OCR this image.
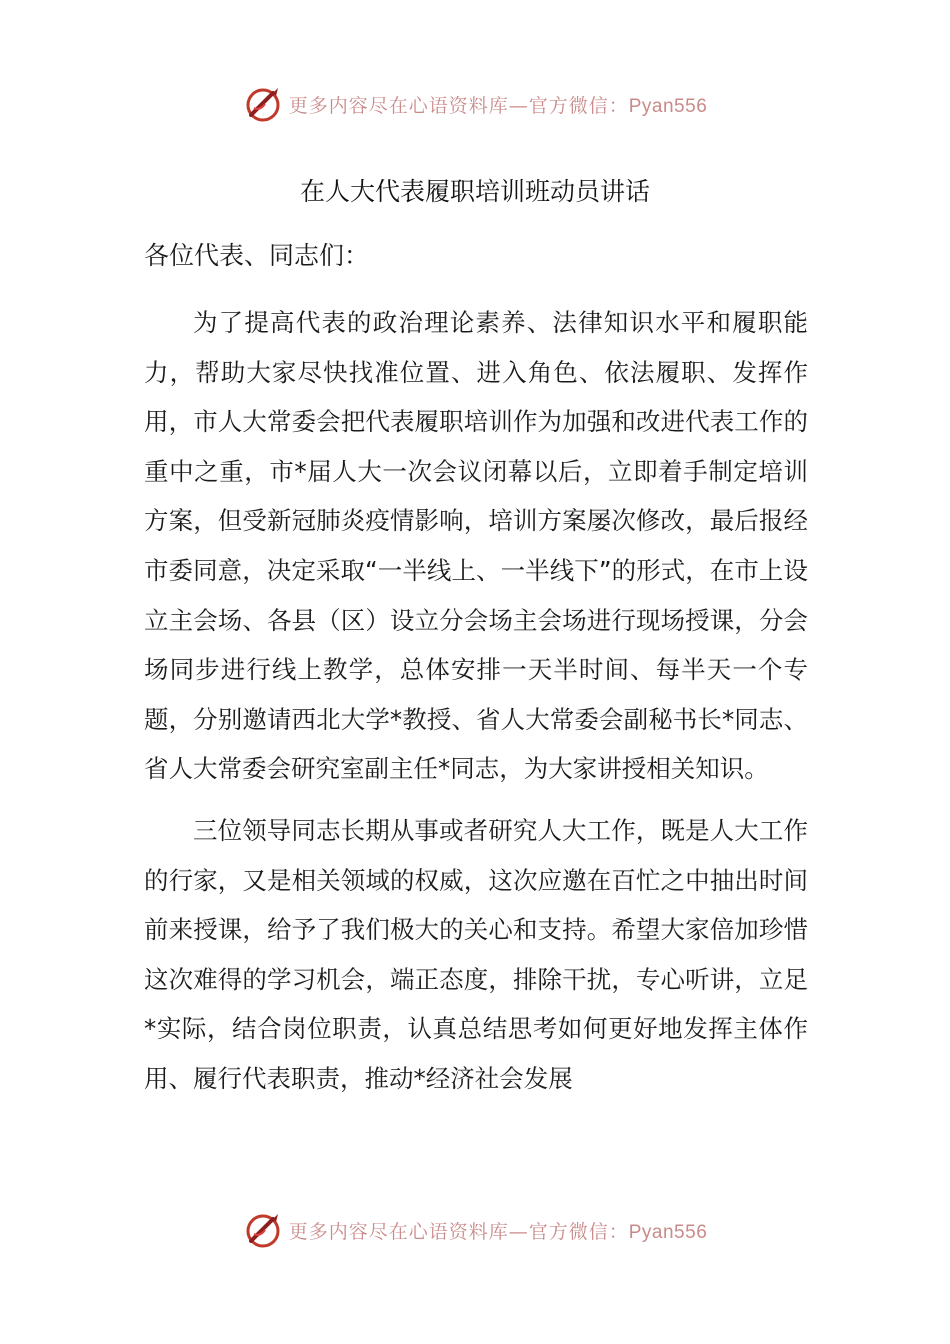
更多内容尽在心语资料库—官方微信：Pyan556
在人大代表履职培训班动员讲话

各位代表、同志们：

为了提高代表的政治理论素养、法律知识水平和履职能力，帮助大家尽快找准位置、进入角色、依法履职、发挥作用，市人大常委会把代表履职培训作为加强和改进代表工作的重中之重，市*届人大一次会议闭幕以后，立即着手制定培训方案，但受新冠肺炎疫情影响，培训方案屡次修改，最后报经市委同意，决定采取“一半线上、一半线下”的形式，在市上设立主会场、各县（区）设立分会场主会场进行现场授课，分会场同步进行线上教学，总体安排一天半时间、每半天一个专题，分别邀请西北大学*教授、省人大常委会副秘书长*同志、省人大常委会研究室副主任*同志，为大家讲授相关知识。

三位领导同志长期从事或者研究人大工作，既是人大工作的行家，又是相关领域的权威，这次应邀在百忙之中抽出时间前来授课，给予了我们极大的关心和支持。希望大家倍加珍惜这次难得的学习机会，端正态度，排除干扰，专心听讲，立足*实际，结合岗位职责，认真总结思考如何更好地发挥主体作用、履行代表职责，推动*经济社会发展

更多内容尽在心语资料库—官方微信：Pyan556
